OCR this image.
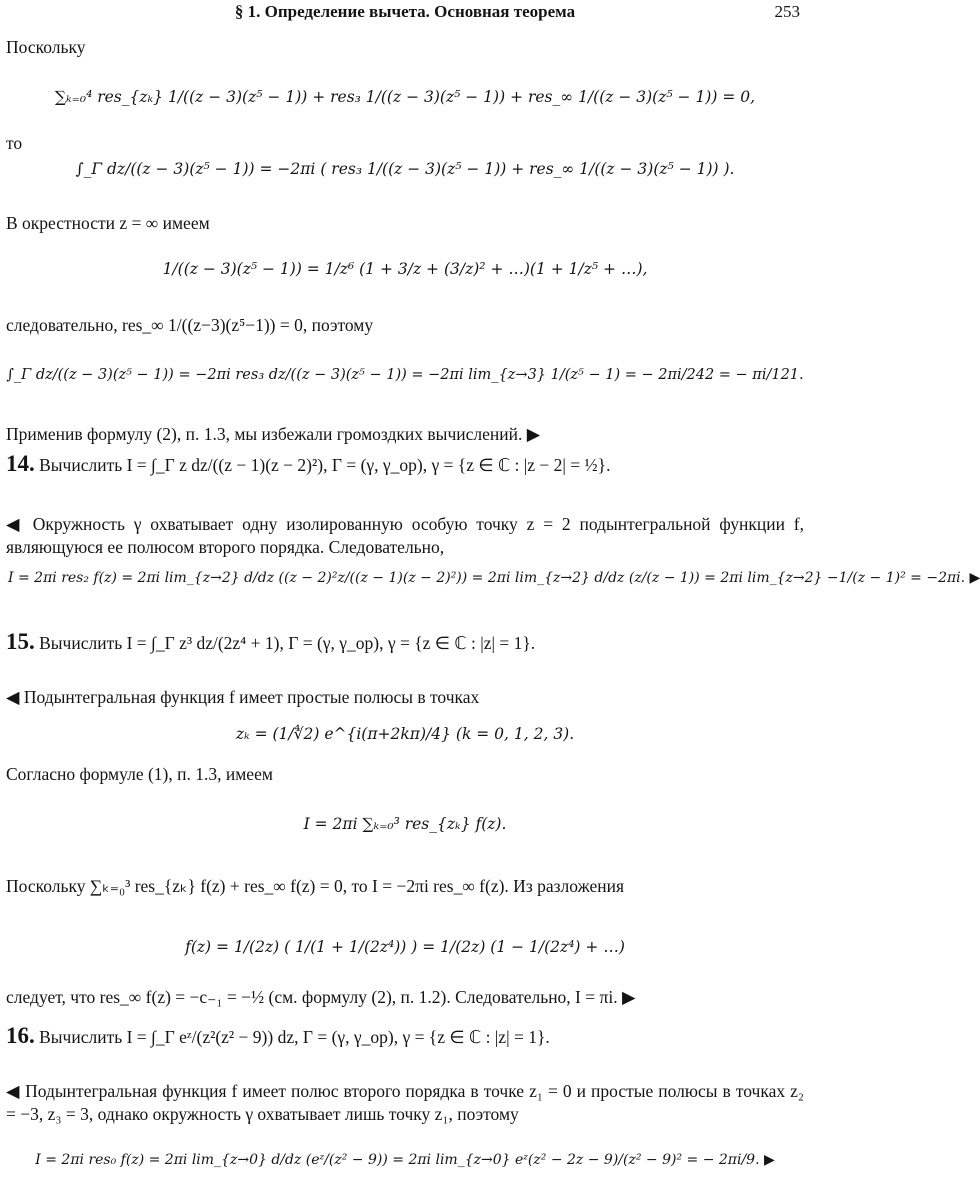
§ 1. Определение вычета. Основная теорема	253
Поскольку
∑ₖ₌₀⁴ res_{zₖ} 1/((z − 3)(z⁵ − 1)) + res₃ 1/((z − 3)(z⁵ − 1)) + res_∞ 1/((z − 3)(z⁵ − 1)) = 0,
то
∫_Γ dz/((z − 3)(z⁵ − 1)) = −2πi ( res₃ 1/((z − 3)(z⁵ − 1)) + res_∞ 1/((z − 3)(z⁵ − 1)) ).
В окрестности z = ∞ имеем
1/((z − 3)(z⁵ − 1)) = 1/z⁶ (1 + 3/z + (3/z)² + …)(1 + 1/z⁵ + …),
следовательно, res_∞ 1/((z−3)(z⁵−1)) = 0, поэтому
∫_Γ dz/((z − 3)(z⁵ − 1)) = −2πi res₃ dz/((z − 3)(z⁵ − 1)) = −2πi lim_{z→3} 1/(z⁵ − 1) = − 2πi/242 = − πi/121.
Применив формулу (2), п. 1.3, мы избежали громоздких вычислений. ▶
14. Вычислить I = ∫_Γ z dz/((z − 1)(z − 2)²), Γ = (γ, γ_op), γ = {z ∈ ℂ : |z − 2| = ½}.
◀ Окружность γ охватывает одну изолированную особую точку z = 2 подынтегральной функции f, являющуюся ее полюсом второго порядка. Следовательно,
I = 2πi res₂ f(z) = 2πi lim_{z→2} d/dz ((z − 2)²z/((z − 1)(z − 2)²)) = 2πi lim_{z→2} d/dz (z/(z − 1)) = 2πi lim_{z→2} −1/(z − 1)² = −2πi. ▶
15. Вычислить I = ∫_Γ z³ dz/(2z⁴ + 1), Γ = (γ, γ_op), γ = {z ∈ ℂ : |z| = 1}.
◀ Подынтегральная функция f имеет простые полюсы в точках
zₖ = (1/∜2) e^{i(π+2kπ)/4} (k = 0, 1, 2, 3).
Согласно формуле (1), п. 1.3, имеем
I = 2πi ∑ₖ₌₀³ res_{zₖ} f(z).
Поскольку ∑ₖ₌₀³ res_{zₖ} f(z) + res_∞ f(z) = 0, то I = −2πi res_∞ f(z). Из разложения
f(z) = 1/(2z) ( 1/(1 + 1/(2z⁴)) ) = 1/(2z) (1 − 1/(2z⁴) + …)
следует, что res_∞ f(z) = −c₋₁ = −½ (см. формулу (2), п. 1.2). Следовательно, I = πi. ▶
16. Вычислить I = ∫_Γ eᶻ/(z²(z² − 9)) dz, Γ = (γ, γ_op), γ = {z ∈ ℂ : |z| = 1}.
◀ Подынтегральная функция f имеет полюс второго порядка в точке z₁ = 0 и простые полюсы в точках z₂ = −3, z₃ = 3, однако окружность γ охватывает лишь точку z₁, поэтому
I = 2πi res₀ f(z) = 2πi lim_{z→0} d/dz (eᶻ/(z² − 9)) = 2πi lim_{z→0} eᶻ(z² − 2z − 9)/(z² − 9)² = − 2πi/9. ▶
